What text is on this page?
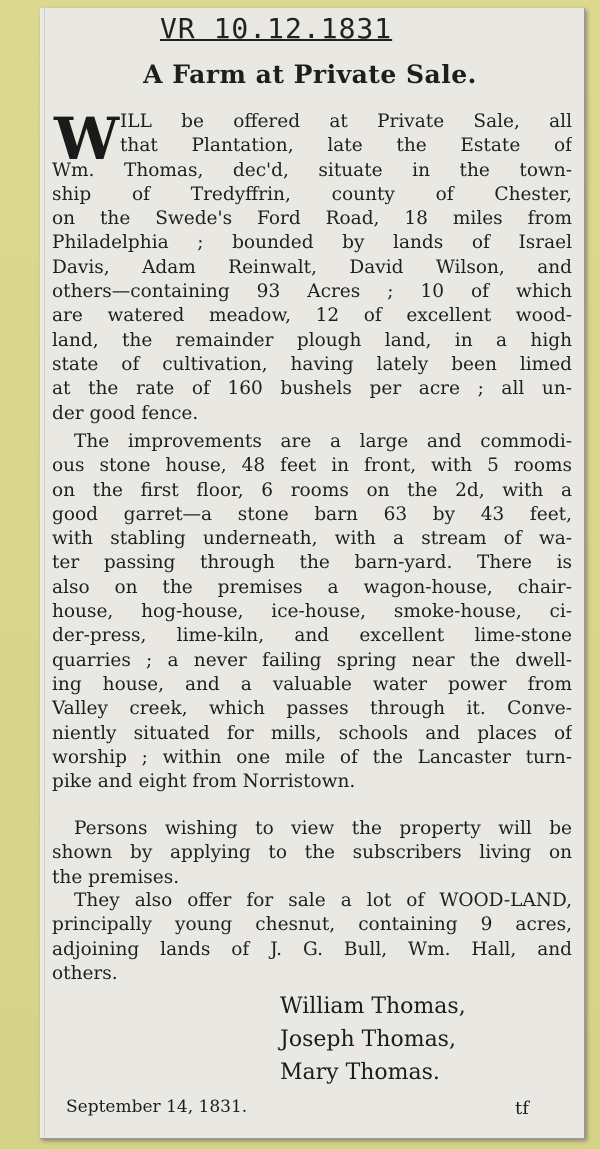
VR 10.12.1831
A Farm at Private Sale.
W ILL be offered at Private Sale, all
that Plantation, late the Estate of
Wm. Thomas, dec'd, situate in the town-
ship of Tredyffrin, county of Chester,
on the Swede's Ford Road, 18 miles from
Philadelphia ; bounded by lands of Israel
Davis, Adam Reinwalt, David Wilson, and
others—containing 93 Acres ; 10 of which
are watered meadow, 12 of excellent wood-
land, the remainder plough land, in a high
state of cultivation, having lately been limed
at the rate of 160 bushels per acre ; all un-
der good fence.
The improvements are a large and commodi-
ous stone house, 48 feet in front, with 5 rooms
on the first floor, 6 rooms on the 2d, with a
good garret—a stone barn 63 by 43 feet,
with stabling underneath, with a stream of wa-
ter passing through the barn-yard. There is
also on the premises a wagon-house, chair-
house, hog-house, ice-house, smoke-house, ci-
der-press, lime-kiln, and excellent lime-stone
quarries ; a never failing spring near the dwell-
ing house, and a valuable water power from
Valley creek, which passes through it. Conve-
niently situated for mills, schools and places of
worship ; within one mile of the Lancaster turn-
pike and eight from Norristown.
Persons wishing to view the property will be
shown by applying to the subscribers living on
the premises.
They also offer for sale a lot of WOOD-LAND,
principally young chesnut, containing 9 acres,
adjoining lands of J. G. Bull, Wm. Hall, and
others.
William Thomas,
Joseph Thomas,
Mary Thomas.
September 14, 1831.	tf
